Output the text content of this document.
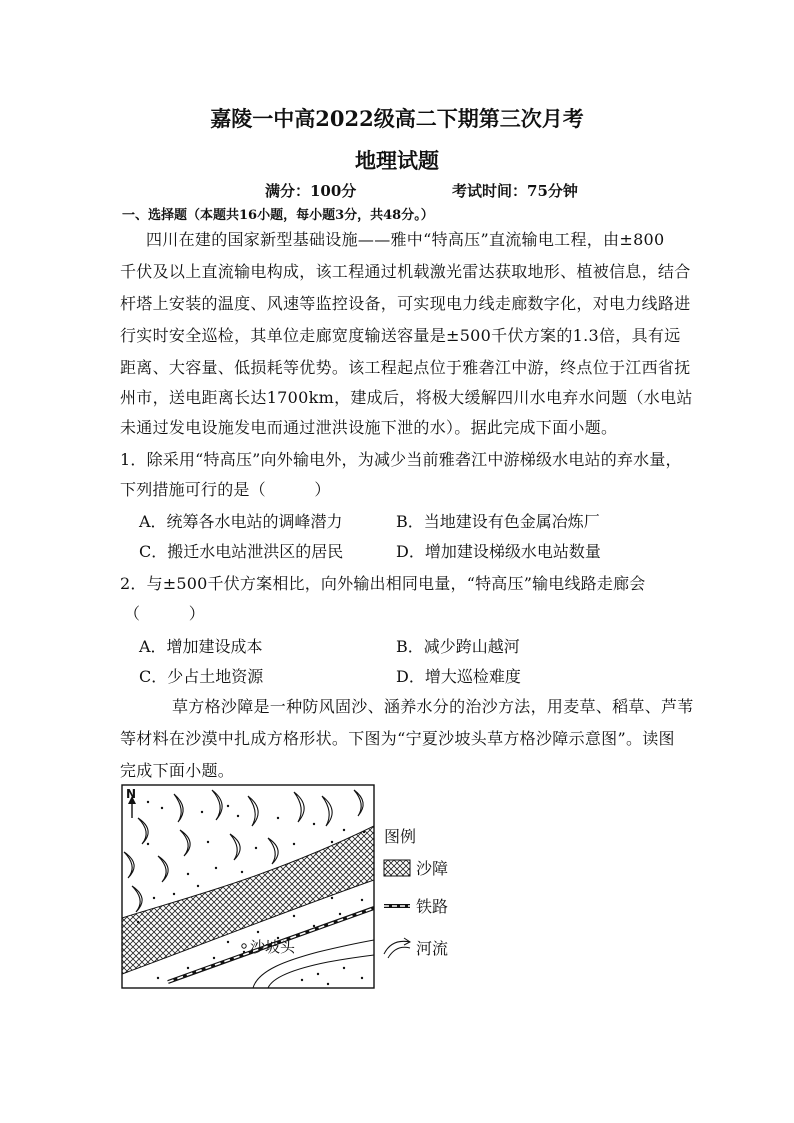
嘉陵一中高2022级高二下期第三次月考
地理试题
满分：100分	考试时间：75分钟
一、选择题（本题共16小题，每小题3分，共48分。）
四川在建的国家新型基础设施——雅中“特高压”直流输电工程，由±800
千伏及以上直流输电构成，该工程通过机载激光雷达获取地形、植被信息，结合
杆塔上安装的温度、风速等监控设备，可实现电力线走廊数字化，对电力线路进
行实时安全巡检，其单位走廊宽度输送容量是±500千伏方案的1.3倍，具有远
距离、大容量、低损耗等优势。该工程起点位于雅砻江中游，终点位于江西省抚
州市，送电距离长达1700km，建成后，将极大缓解四川水电弃水问题（水电站
未通过发电设施发电而通过泄洪设施下泄的水）。据此完成下面小题。
1．除采用“特高压”向外输电外，为减少当前雅砻江中游梯级水电站的弃水量，
下列措施可行的是（　　　）
A．统筹各水电站的调峰潜力	B．当地建设有色金属冶炼厂
C．搬迁水电站泄洪区的居民	D．增加建设梯级水电站数量
2．与±500千伏方案相比，向外输出相同电量，“特高压”输电线路走廊会
（　　　）
A．增加建设成本	B．减少跨山越河
C．少占土地资源	D．增大巡检难度
草方格沙障是一种防风固沙、涵养水分的治沙方法，用麦草、稻草、芦苇
等材料在沙漠中扎成方格形状。下图为“宁夏沙坡头草方格沙障示意图”。读图
完成下面小题。
N
沙坡头
图例
沙障
铁路
河流
